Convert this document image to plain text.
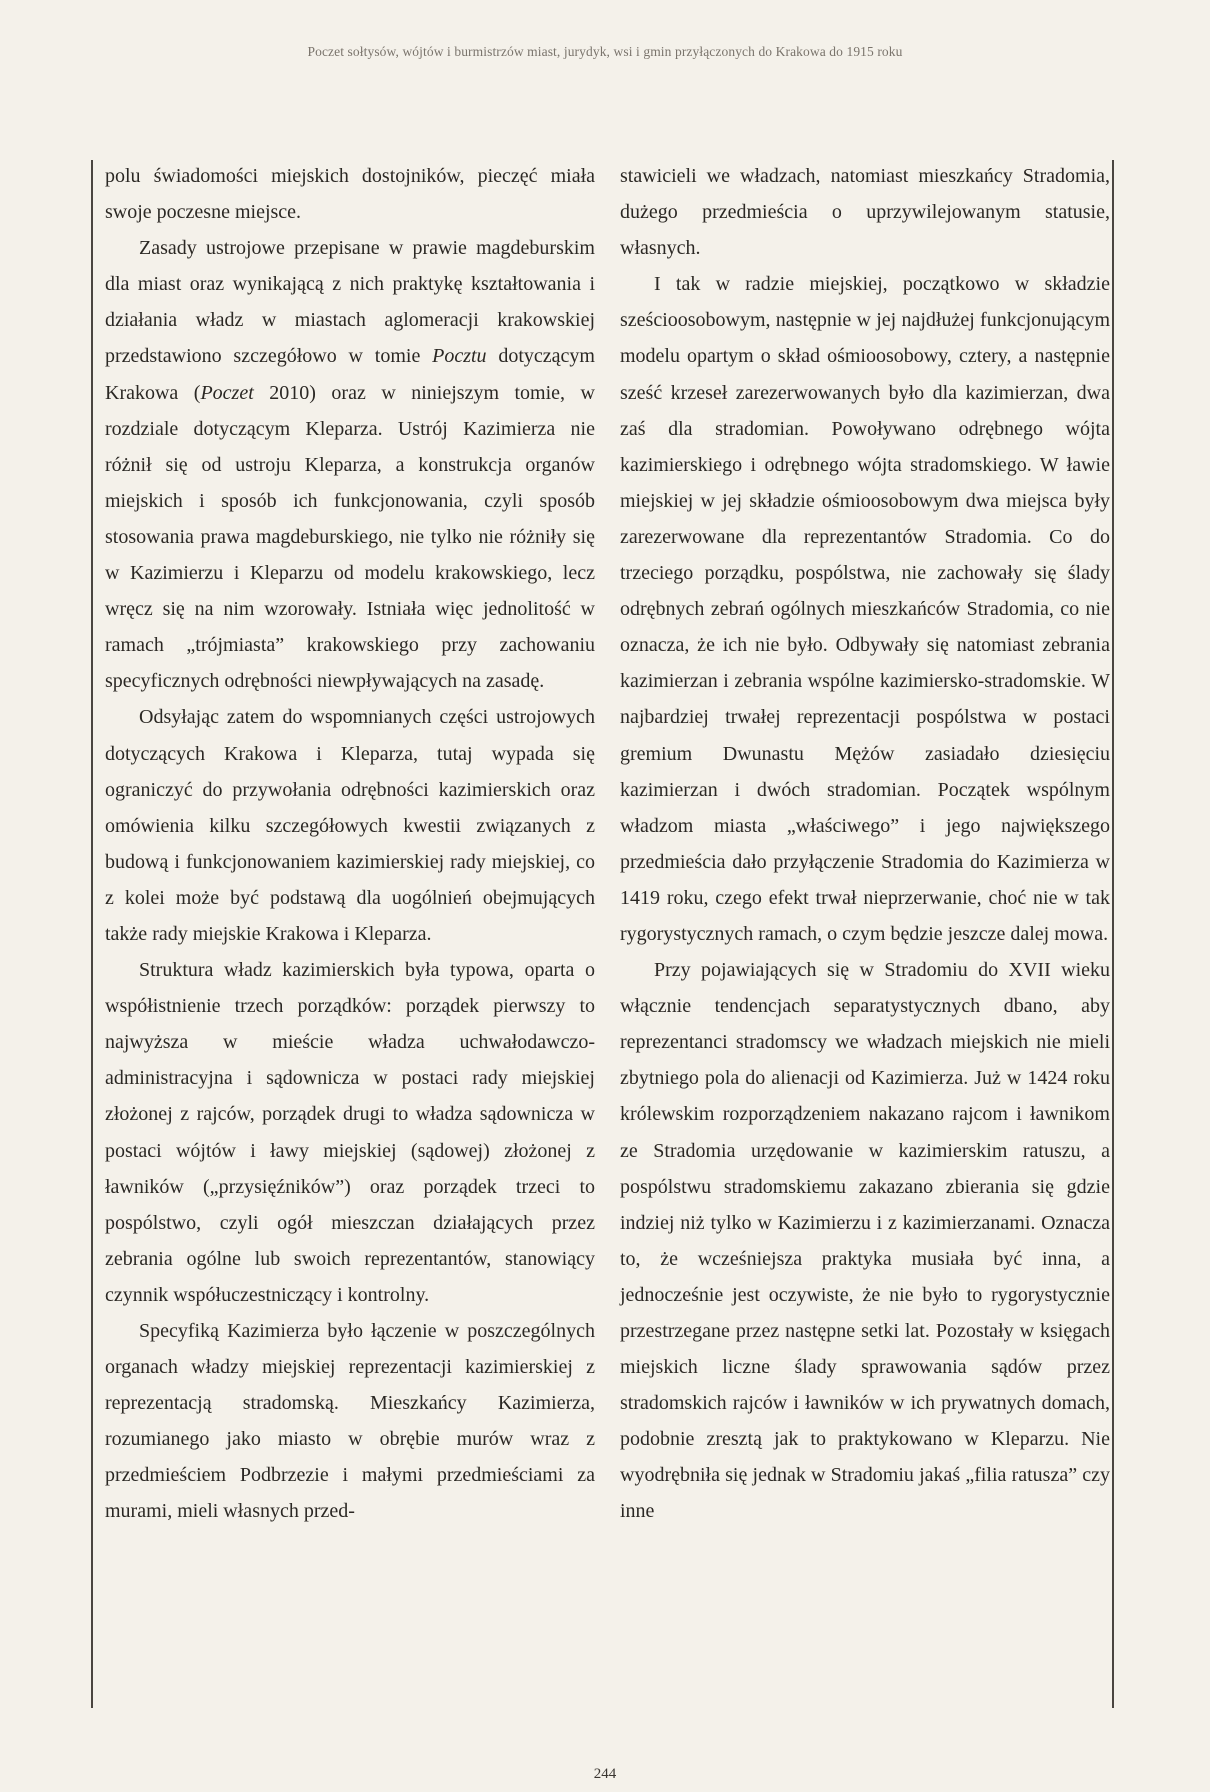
Poczet sołtysów, wójtów i burmistrzów miast, jurydyk, wsi i gmin przyłączonych do Krakowa do 1915 roku

polu świadomości miejskich dostojników, pieczęć miała swoje poczesne miejsce.

Zasady ustrojowe przepisane w prawie magdeburskim dla miast oraz wynikającą z nich praktykę kształtowania i działania władz w miastach aglomeracji krakowskiej przedstawiono szczegółowo w tomie Pocztu dotyczącym Krakowa (Poczet 2010) oraz w niniejszym tomie, w rozdziale dotyczącym Kleparza. Ustrój Kazimierza nie różnił się od ustroju Kleparza, a konstrukcja organów miejskich i sposób ich funkcjonowania, czyli sposób stosowania prawa magdeburskiego, nie tylko nie różniły się w Kazimierzu i Kleparzu od modelu krakowskiego, lecz wręcz się na nim wzorowały. Istniała więc jednolitość w ramach „trójmiasta” krakowskiego przy zachowaniu specyficznych odrębności niewpływających na zasadę.

Odsyłając zatem do wspomnianych części ustrojowych dotyczących Krakowa i Kleparza, tutaj wypada się ograniczyć do przywołania odrębności kazimierskich oraz omówienia kilku szczegółowych kwestii związanych z budową i funkcjonowaniem kazimierskiej rady miejskiej, co z kolei może być podstawą dla uogólnień obejmujących także rady miejskie Krakowa i Kleparza.

Struktura władz kazimierskich była typowa, oparta o współistnienie trzech porządków: porządek pierwszy to najwyższa w mieście władza uchwałodawczo-administracyjna i sądownicza w postaci rady miejskiej złożonej z rajców, porządek drugi to władza sądownicza w postaci wójtów i ławy miejskiej (sądowej) złożonej z ławników („przysięźników”) oraz porządek trzeci to pospólstwo, czyli ogół mieszczan działających przez zebrania ogólne lub swoich reprezentantów, stanowiący czynnik współuczestniczący i kontrolny.

Specyfiką Kazimierza było łączenie w poszczególnych organach władzy miejskiej reprezentacji kazimierskiej z reprezentacją stradomską. Mieszkańcy Kazimierza, rozumianego jako miasto w obrębie murów wraz z przedmieściem Podbrzezie i małymi przedmieściami za murami, mieli własnych przed-

stawicieli we władzach, natomiast mieszkańcy Stradomia, dużego przedmieścia o uprzywilejowanym statusie, własnych.

I tak w radzie miejskiej, początkowo w składzie sześcioosobowym, następnie w jej najdłużej funkcjonującym modelu opartym o skład ośmioosobowy, cztery, a następnie sześć krzeseł zarezerwowanych było dla kazimierzan, dwa zaś dla stradomian. Powoływano odrębnego wójta kazimierskiego i odrębnego wójta stradomskiego. W ławie miejskiej w jej składzie ośmioosobowym dwa miejsca były zarezerwowane dla reprezentantów Stradomia. Co do trzeciego porządku, pospólstwa, nie zachowały się ślady odrębnych zebrań ogólnych mieszkańców Stradomia, co nie oznacza, że ich nie było. Odbywały się natomiast zebrania kazimierzan i zebrania wspólne kazimiersko-stradomskie. W najbardziej trwałej reprezentacji pospólstwa w postaci gremium Dwunastu Mężów zasiadało dziesięciu kazimierzan i dwóch stradomian. Początek wspólnym władzom miasta „właściwego” i jego największego przedmieścia dało przyłączenie Stradomia do Kazimierza w 1419 roku, czego efekt trwał nieprzerwanie, choć nie w tak rygorystycznych ramach, o czym będzie jeszcze dalej mowa.

Przy pojawiających się w Stradomiu do XVII wieku włącznie tendencjach separatystycznych dbano, aby reprezentanci stradomscy we władzach miejskich nie mieli zbytniego pola do alienacji od Kazimierza. Już w 1424 roku królewskim rozporządzeniem nakazano rajcom i ławnikom ze Stradomia urzędowanie w kazimierskim ratuszu, a pospólstwu stradomskiemu zakazano zbierania się gdzie indziej niż tylko w Kazimierzu i z kazimierzanami. Oznacza to, że wcześniejsza praktyka musiała być inna, a jednocześnie jest oczywiste, że nie było to rygorystycznie przestrzegane przez następne setki lat. Pozostały w księgach miejskich liczne ślady sprawowania sądów przez stradomskich rajców i ławników w ich prywatnych domach, podobnie zresztą jak to praktykowano w Kleparzu. Nie wyodrębniła się jednak w Stradomiu jakaś „filia ratusza” czy inne

244
